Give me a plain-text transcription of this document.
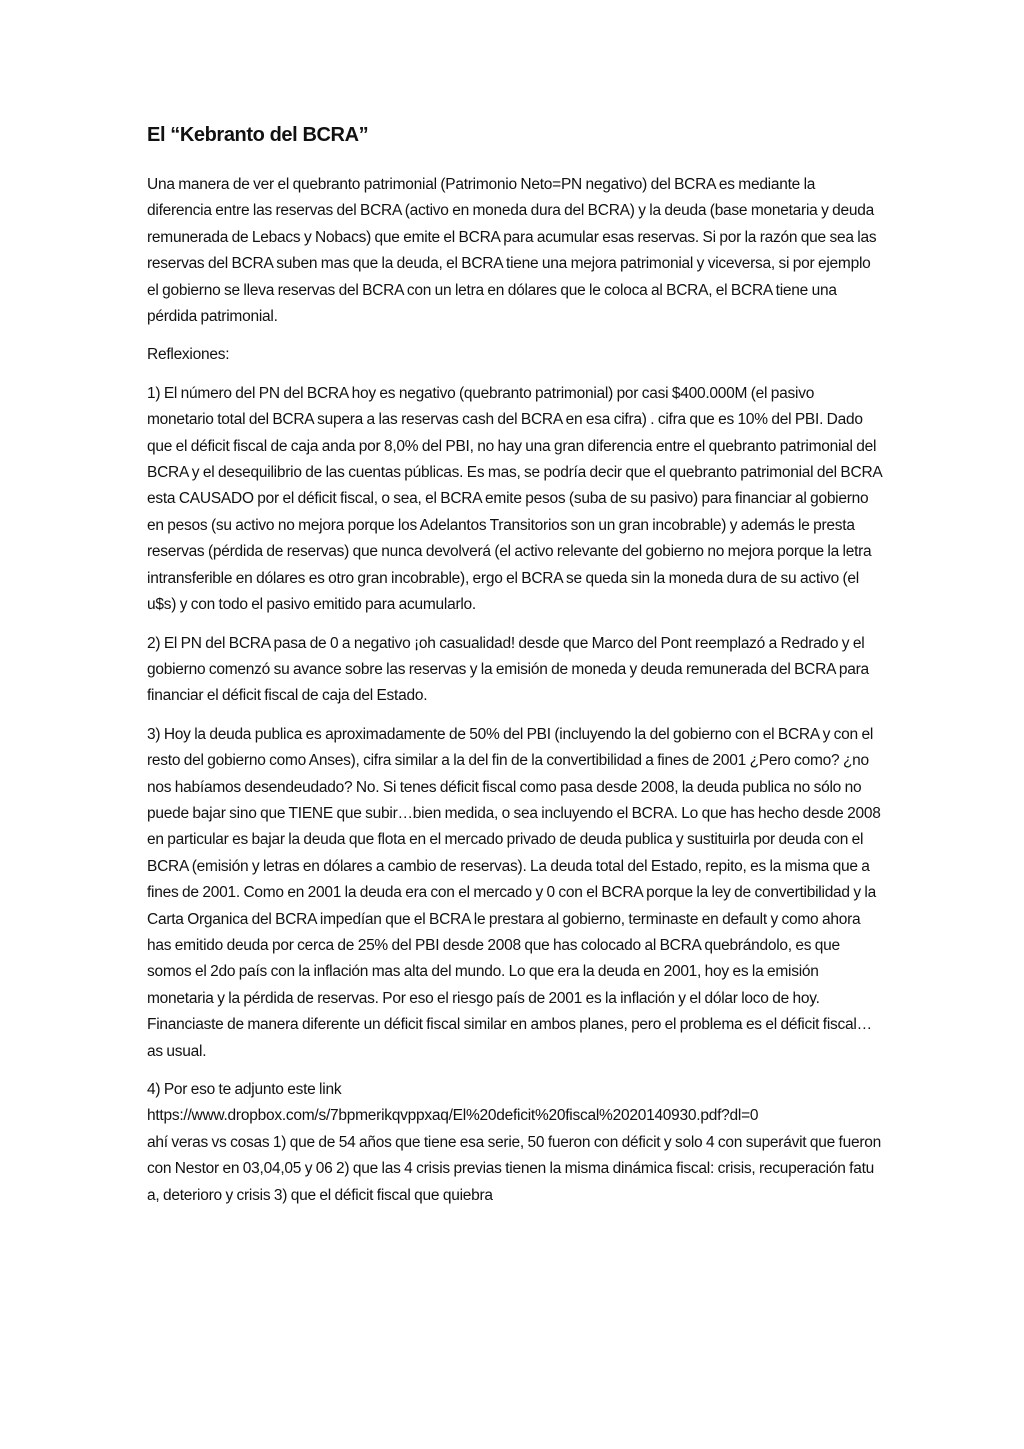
El “Kebranto del BCRA”

Una manera de ver el quebranto patrimonial (Patrimonio Neto=PN negativo) del BCRA es mediante la diferencia entre las reservas del BCRA (activo en moneda dura del BCRA) y la deuda (base monetaria y deuda remunerada de Lebacs y Nobacs) que emite el BCRA para acumular esas reservas. Si por la razón que sea las reservas del BCRA suben mas que la deuda, el BCRA tiene una mejora patrimonial y viceversa, si por ejemplo el gobierno se lleva reservas del BCRA con un letra en dólares que le coloca al BCRA, el BCRA tiene una pérdida patrimonial.

Reflexiones:

1) El número del PN del BCRA hoy es negativo (quebranto patrimonial) por casi $400.000M (el pasivo monetario total del BCRA supera a las reservas cash del BCRA en esa cifra) . cifra que es 10% del PBI. Dado que el déficit fiscal de caja anda por 8,0% del PBI, no hay una gran diferencia entre el quebranto patrimonial del BCRA y el desequilibrio de las cuentas públicas. Es mas, se podría decir que el quebranto patrimonial del BCRA esta CAUSADO por el déficit fiscal, o sea, el BCRA emite pesos (suba de su pasivo) para financiar al gobierno en pesos (su activo no mejora porque los Adelantos Transitorios son un gran incobrable) y además le presta reservas (pérdida de reservas) que nunca devolverá (el activo relevante del gobierno no mejora porque la letra intransferible en dólares es otro gran incobrable), ergo el BCRA se queda sin la moneda dura de su activo (el u$s) y con todo el pasivo emitido para acumularlo.

2) El PN del BCRA pasa de 0 a negativo ¡oh casualidad! desde que Marco del Pont reemplazó a Redrado y el gobierno comenzó su avance sobre las reservas y la emisión de moneda y deuda remunerada del BCRA para financiar el déficit fiscal de caja del Estado.

3) Hoy la deuda publica es aproximadamente de 50% del PBI (incluyendo la del gobierno con el BCRA y con el resto del gobierno como Anses), cifra similar a la del fin de la convertibilidad a fines de 2001 ¿Pero como? ¿no nos habíamos desendeudado? No. Si tenes déficit fiscal como pasa desde 2008, la deuda publica no sólo no puede bajar sino que TIENE que subir…bien medida, o sea incluyendo el BCRA. Lo que has hecho desde 2008 en particular es bajar la deuda que flota en el mercado privado de deuda publica y sustituirla por deuda con el BCRA (emisión y letras en dólares a cambio de reservas). La deuda total del Estado, repito, es la misma que a fines de 2001. Como en 2001 la deuda era con el mercado y 0 con el BCRA porque la ley de convertibilidad y la Carta Organica del BCRA impedían que el BCRA le prestara al gobierno, terminaste en default y como ahora has emitido deuda por cerca de 25% del PBI desde 2008 que has colocado al BCRA quebrándolo, es que somos el 2do país con la inflación mas alta del mundo. Lo que era la deuda en 2001, hoy es la emisión monetaria y la pérdida de reservas. Por eso el riesgo país de 2001 es la inflación y el dólar loco de hoy. Financiaste de manera diferente un déficit fiscal similar en ambos planes, pero el problema es el déficit fiscal…as usual.

4) Por eso te adjunto este link
https://www.dropbox.com/s/7bpmerikqvppxaq/El%20deficit%20fiscal%2020140930.pdf?dl=0
ahí veras vs cosas 1) que de 54 años que tiene esa serie, 50 fueron con déficit y solo 4 con superávit que fueron con Nestor en 03,04,05 y 06 2) que las 4 crisis previas tienen la misma dinámica fiscal: crisis, recuperación fatua, deterioro y crisis 3) que el déficit fiscal que quiebra
